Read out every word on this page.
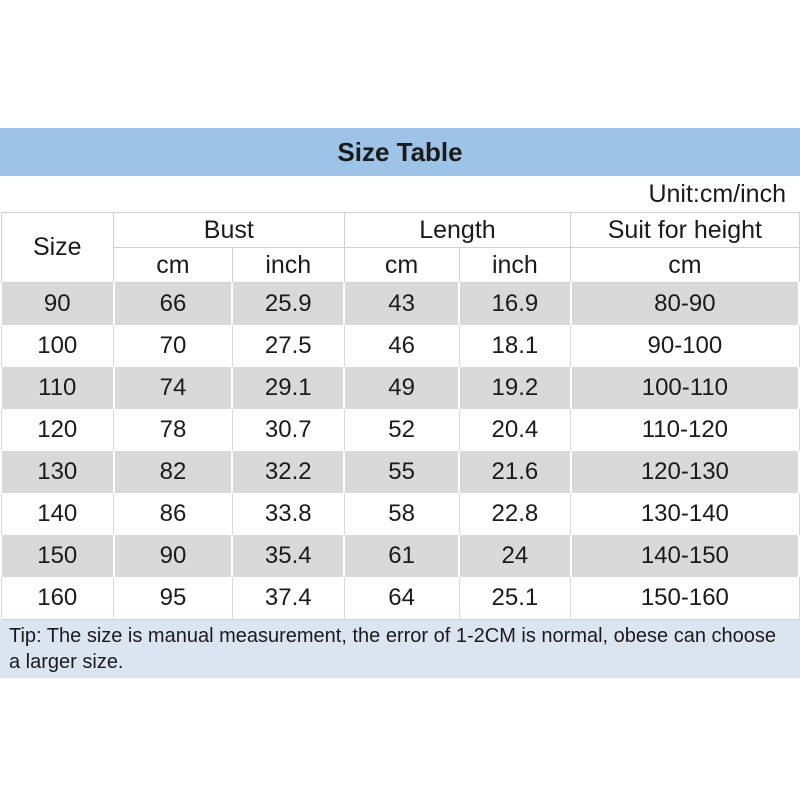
Size Table
Unit:cm/inch
Size	Bust		Length		Suit for height
	cm	inch	cm	inch	cm
90	66	25.9	43	16.9	80-90
100	70	27.5	46	18.1	90-100
110	74	29.1	49	19.2	100-110
120	78	30.7	52	20.4	110-120
130	82	32.2	55	21.6	120-130
140	86	33.8	58	22.8	130-140
150	90	35.4	61	24	140-150
160	95	37.4	64	25.1	150-160
Tip: The size is manual measurement, the error of 1-2CM is normal, obese can choose a larger size.
